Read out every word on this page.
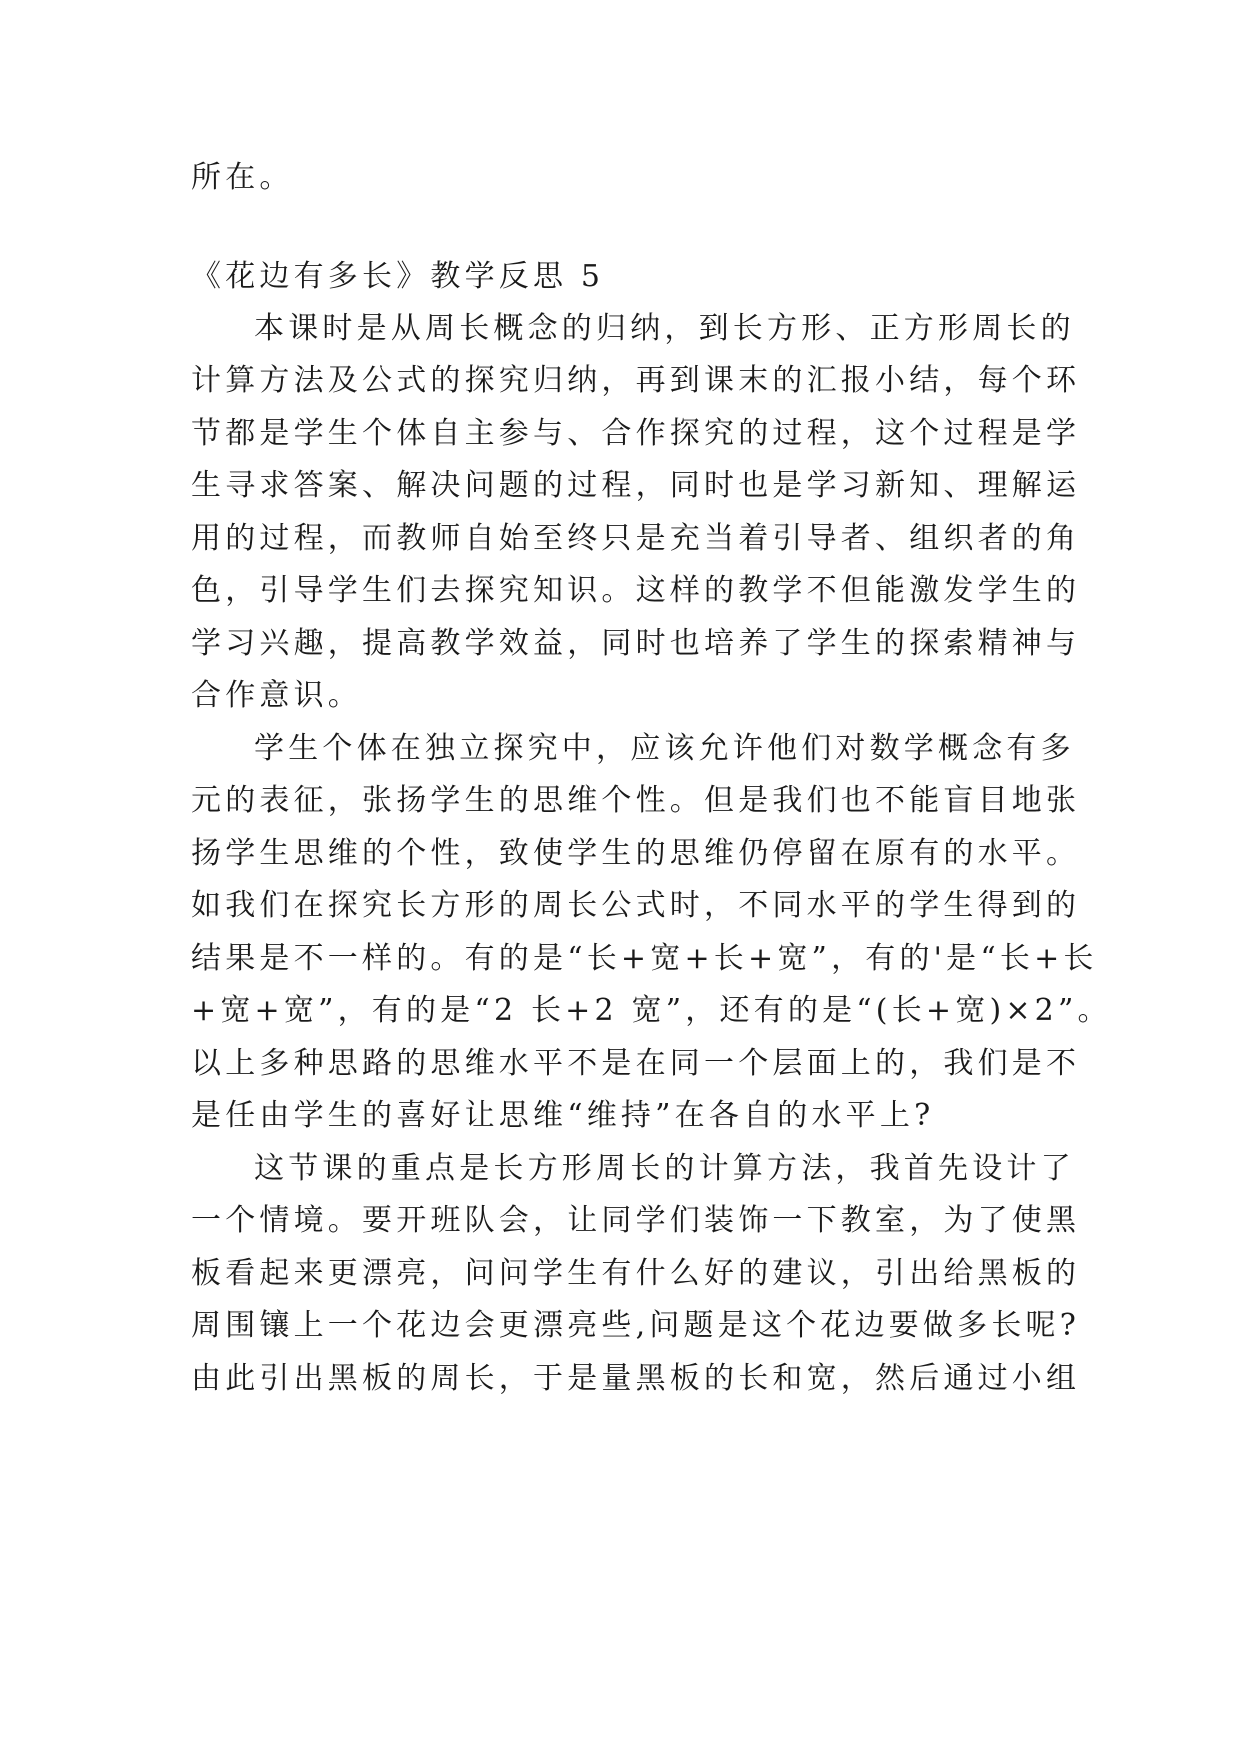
所在。
《花边有多长》教学反思 5
本课时是从周长概念的归纳，到长方形、正方形周长的
计算方法及公式的探究归纳，再到课末的汇报小结，每个环
节都是学生个体自主参与、合作探究的过程，这个过程是学
生寻求答案、解决问题的过程，同时也是学习新知、理解运
用的过程，而教师自始至终只是充当着引导者、组织者的角
色，引导学生们去探究知识。这样的教学不但能激发学生的
学习兴趣，提高教学效益，同时也培养了学生的探索精神与
合作意识。
学生个体在独立探究中，应该允许他们对数学概念有多
元的表征，张扬学生的思维个性。但是我们也不能盲目地张
扬学生思维的个性，致使学生的思维仍停留在原有的水平。
如我们在探究长方形的周长公式时，不同水平的学生得到的
结果是不一样的。有的是“长+宽+长+宽”，有的'是“长+长
+宽+宽”，有的是“2 长+2 宽”，还有的是“(长+宽)×2”。
以上多种思路的思维水平不是在同一个层面上的，我们是不
是任由学生的喜好让思维“维持”在各自的水平上?
这节课的重点是长方形周长的计算方法，我首先设计了
一个情境。要开班队会，让同学们装饰一下教室，为了使黑
板看起来更漂亮，问问学生有什么好的建议，引出给黑板的
周围镶上一个花边会更漂亮些,问题是这个花边要做多长呢?
由此引出黑板的周长，于是量黑板的长和宽，然后通过小组
